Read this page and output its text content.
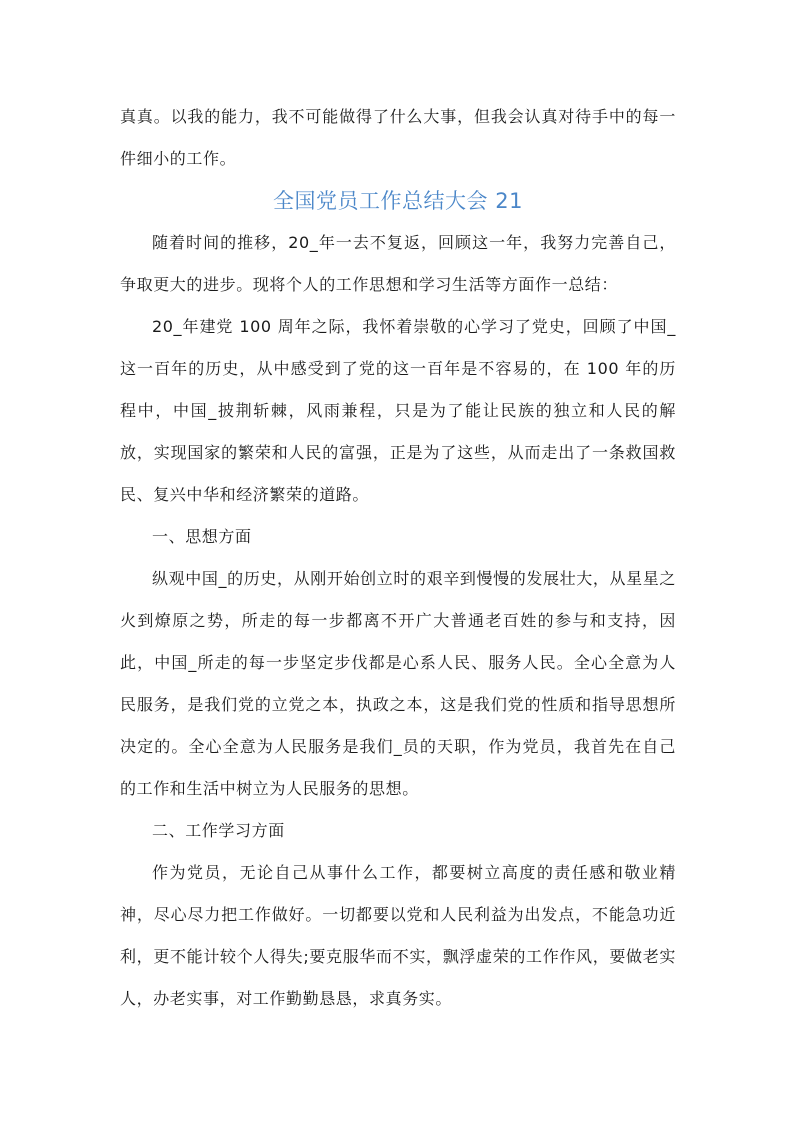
真真。以我的能力，我不可能做得了什么大事，但我会认真对待手中的每一件细小的工作。

全国党员工作总结大会 21

随着时间的推移，20_年一去不复返，回顾这一年，我努力完善自己，争取更大的进步。现将个人的工作思想和学习生活等方面作一总结：

20_年建党 100 周年之际，我怀着崇敬的心学习了党史，回顾了中国_这一百年的历史，从中感受到了党的这一百年是不容易的，在 100 年的历程中，中国_披荆斩棘，风雨兼程，只是为了能让民族的独立和人民的解放，实现国家的繁荣和人民的富强，正是为了这些，从而走出了一条救国救民、复兴中华和经济繁荣的道路。

一、思想方面

纵观中国_的历史，从刚开始创立时的艰辛到慢慢的发展壮大，从星星之火到燎原之势，所走的每一步都离不开广大普通老百姓的参与和支持，因此，中国_所走的每一步坚定步伐都是心系人民、服务人民。全心全意为人民服务，是我们党的立党之本，执政之本，这是我们党的性质和指导思想所决定的。全心全意为人民服务是我们_员的天职，作为党员，我首先在自己的工作和生活中树立为人民服务的思想。

二、工作学习方面

作为党员，无论自己从事什么工作，都要树立高度的责任感和敬业精神，尽心尽力把工作做好。一切都要以党和人民利益为出发点，不能急功近利，更不能计较个人得失;要克服华而不实，飘浮虚荣的工作作风，要做老实人，办老实事，对工作勤勤恳恳，求真务实。
